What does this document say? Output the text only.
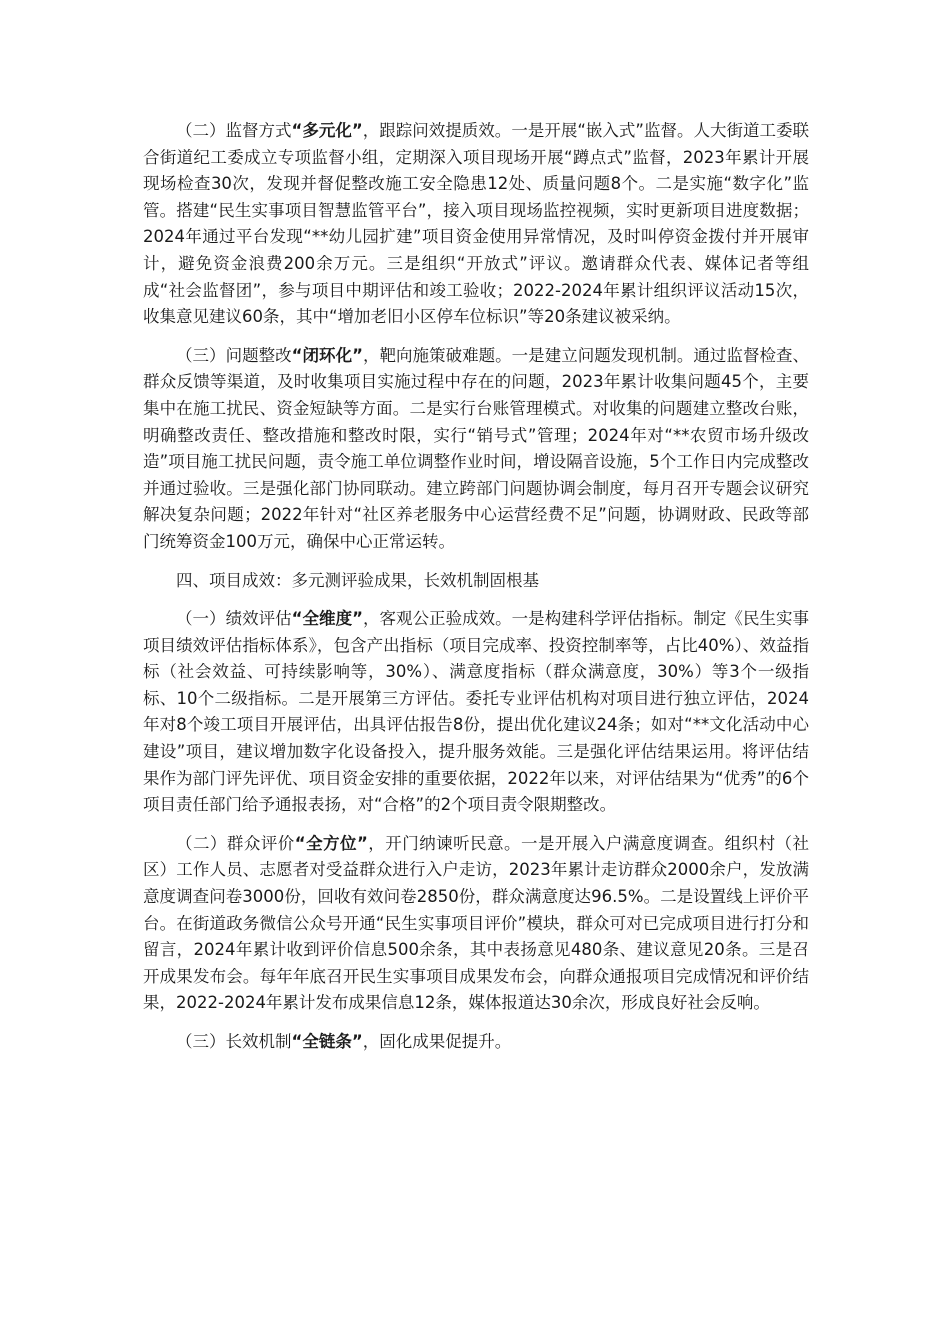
（二）监督方式“多元化”，跟踪问效提质效。一是开展“嵌入式”监督。人大街道工委联合街道纪工委成立专项监督小组，定期深入项目现场开展“蹲点式”监督，2023年累计开展现场检查30次，发现并督促整改施工安全隐患12处、质量问题8个。二是实施“数字化”监管。搭建“民生实事项目智慧监管平台”，接入项目现场监控视频，实时更新项目进度数据；2024年通过平台发现“**幼儿园扩建”项目资金使用异常情况，及时叫停资金拨付并开展审计，避免资金浪费200余万元。三是组织“开放式”评议。邀请群众代表、媒体记者等组成“社会监督团”，参与项目中期评估和竣工验收；2022-2024年累计组织评议活动15次，收集意见建议60条，其中“增加老旧小区停车位标识”等20条建议被采纳。

（三）问题整改“闭环化”，靶向施策破难题。一是建立问题发现机制。通过监督检查、群众反馈等渠道，及时收集项目实施过程中存在的问题，2023年累计收集问题45个，主要集中在施工扰民、资金短缺等方面。二是实行台账管理模式。对收集的问题建立整改台账，明确整改责任、整改措施和整改时限，实行“销号式”管理；2024年对“**农贸市场升级改造”项目施工扰民问题，责令施工单位调整作业时间，增设隔音设施，5个工作日内完成整改并通过验收。三是强化部门协同联动。建立跨部门问题协调会制度，每月召开专题会议研究解决复杂问题；2022年针对“社区养老服务中心运营经费不足”问题，协调财政、民政等部门统筹资金100万元，确保中心正常运转。

四、项目成效：多元测评验成果，长效机制固根基

（一）绩效评估“全维度”，客观公正验成效。一是构建科学评估指标。制定《民生实事项目绩效评估指标体系》，包含产出指标（项目完成率、投资控制率等，占比40%）、效益指标（社会效益、可持续影响等，30%）、满意度指标（群众满意度，30%）等3个一级指标、10个二级指标。二是开展第三方评估。委托专业评估机构对项目进行独立评估，2024年对8个竣工项目开展评估，出具评估报告8份，提出优化建议24条；如对“**文化活动中心建设”项目，建议增加数字化设备投入，提升服务效能。三是强化评估结果运用。将评估结果作为部门评先评优、项目资金安排的重要依据，2022年以来，对评估结果为“优秀”的6个项目责任部门给予通报表扬，对“合格”的2个项目责令限期整改。

（二）群众评价“全方位”，开门纳谏听民意。一是开展入户满意度调查。组织村（社区）工作人员、志愿者对受益群众进行入户走访，2023年累计走访群众2000余户，发放满意度调查问卷3000份，回收有效问卷2850份，群众满意度达96.5%。二是设置线上评价平台。在街道政务微信公众号开通“民生实事项目评价”模块，群众可对已完成项目进行打分和留言，2024年累计收到评价信息500余条，其中表扬意见480条、建议意见20条。三是召开成果发布会。每年年底召开民生实事项目成果发布会，向群众通报项目完成情况和评价结果，2022-2024年累计发布成果信息12条，媒体报道达30余次，形成良好社会反响。

（三）长效机制“全链条”，固化成果促提升。
